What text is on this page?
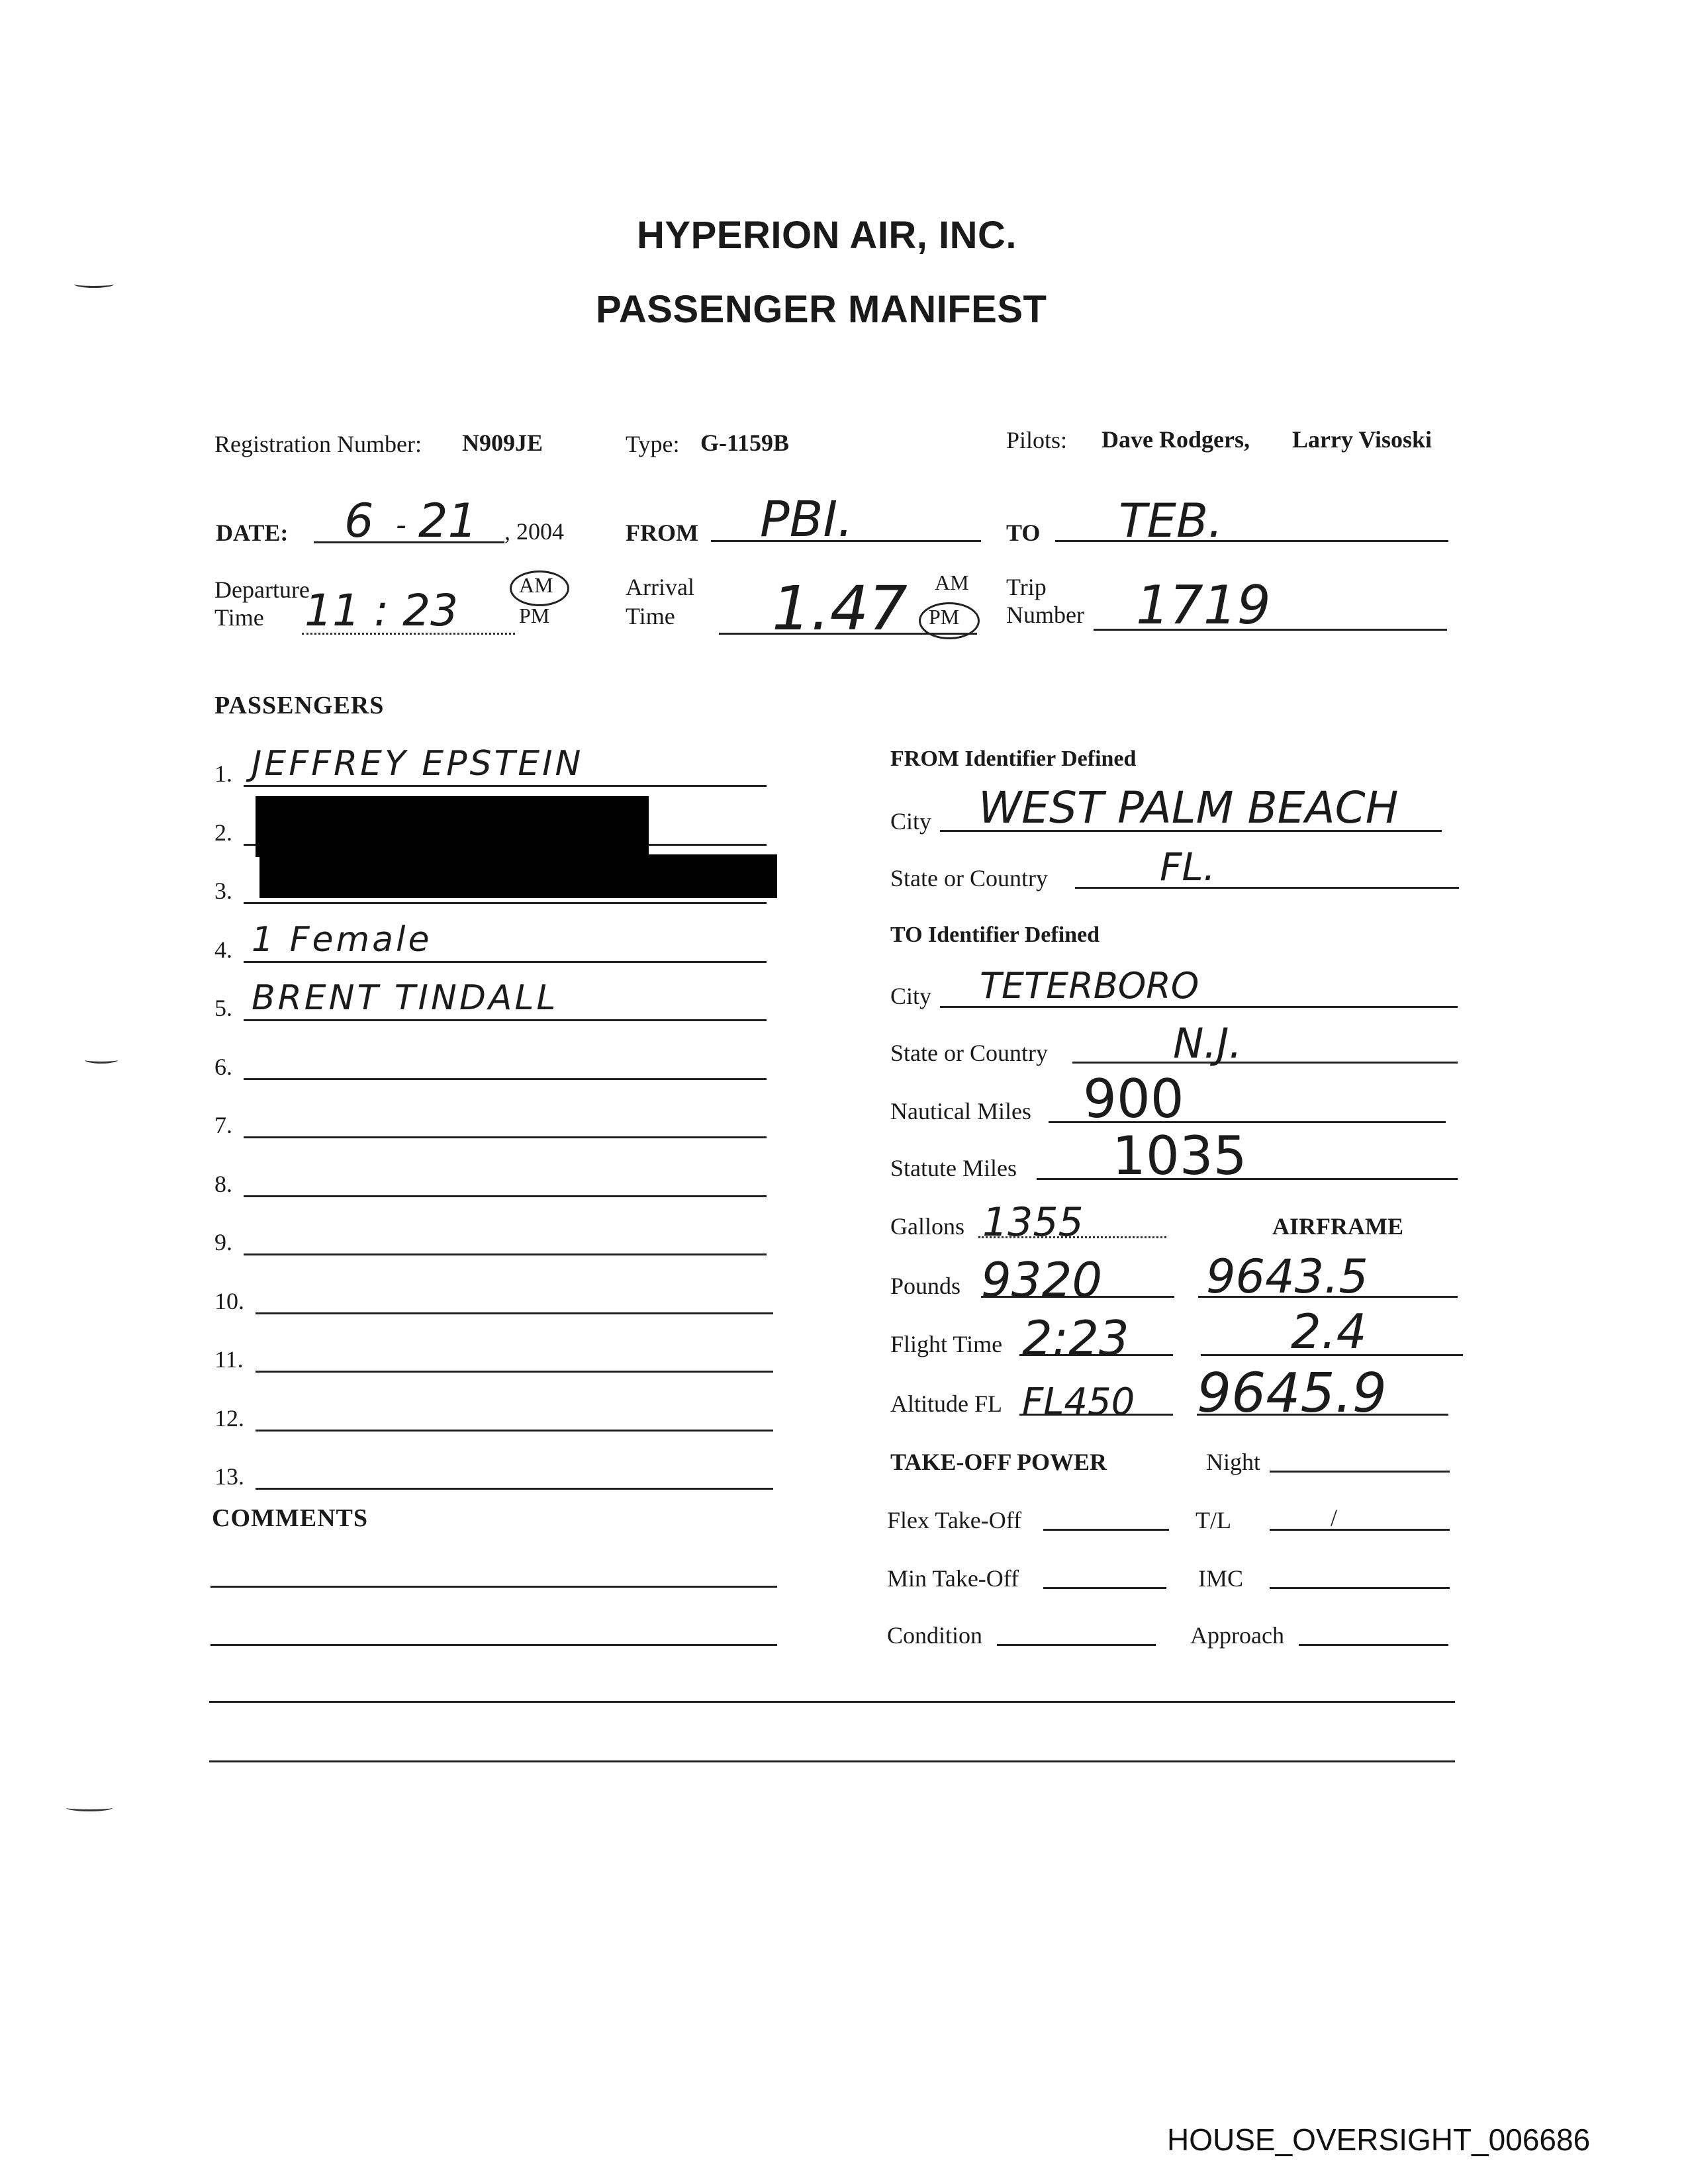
HYPERION AIR, INC.
PASSENGER MANIFEST
Registration Number: N909JE	Type: G-1159B	Pilots: Dave Rodgers, Larry Visoski
DATE: 6 - 21 , 2004	FROM PBI.	TO TEB.
Departure
Time 11 : 23	AM
PM
Arrival
Time 1.47 AM
PM
Trip
Number 1719
PASSENGERS
1. JEFFREY EPSTEIN
2.
3.
4. 1 Female
5. BRENT TINDALL
6.
7.
8.
9.
10.
11.
12.
13.
FROM Identifier Defined
City WEST PALM BEACH
State or Country	FL.
TO Identifier Defined
City TETERBORO
State or Country	N.J.
Nautical Miles 900
Statute Miles 1035
Gallons 1355	AIRFRAME
Pounds 9320 9643.5
Flight Time 2:23	2.4
Altitude FL FL450 9645.9
TAKE-OFF POWER	Night
Flex Take-Off	T/L	/
Min Take-Off	IMC
Condition	Approach
COMMENTS
HOUSE_OVERSIGHT_006686
